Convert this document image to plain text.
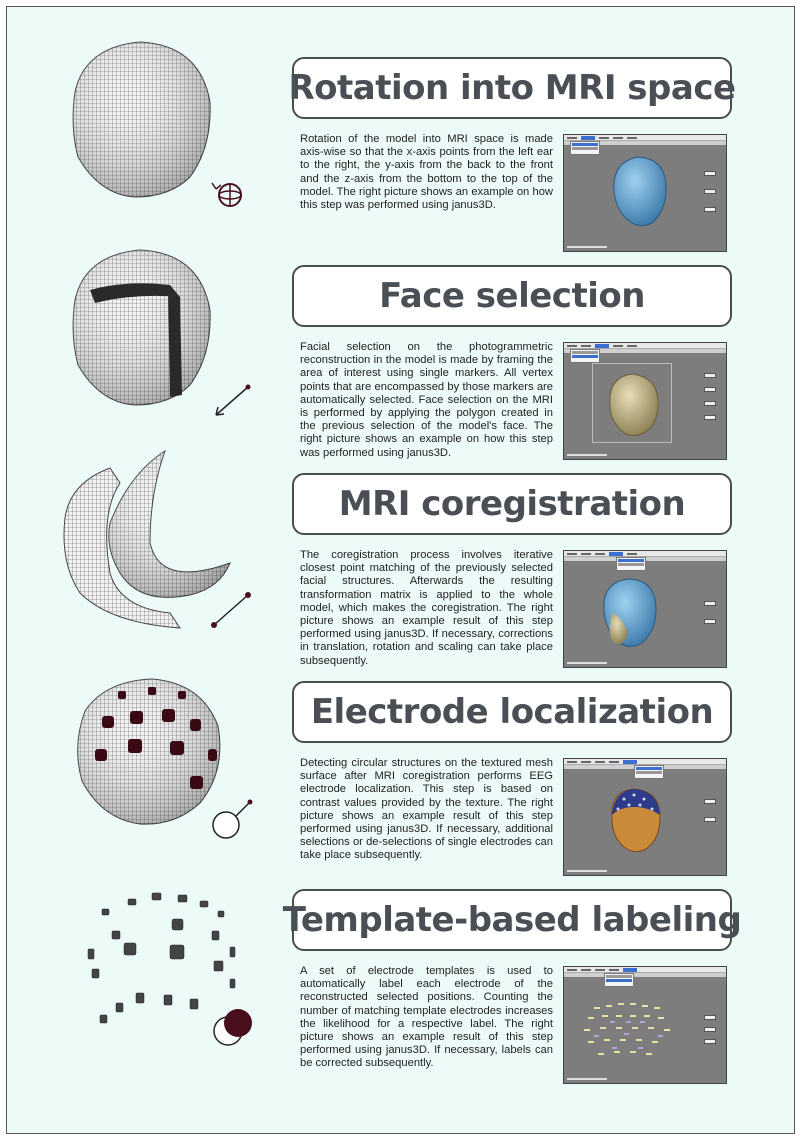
Rotation into MRI space

Rotation of the model into MRI space is made axis-wise so that the x-axis points from the left ear to the right, the y-axis from the back to the front and the z-axis from the bottom to the top of the model. The right picture shows an example on how this step was performed using janus3D.

Face selection

Facial selection on the photogrammetric reconstruction in the model is made by framing the area of interest using single markers. All vertex points that are encompassed by those markers are automatically selected. Face selection on the MRI is performed by applying the polygon created in the previous selection of the model's face. The right picture shows an example on how this step was performed using janus3D.

MRI coregistration

The coregistration process involves iterative closest point matching of the previously selected facial structures. Afterwards the resulting transformation matrix is applied to the whole model, which makes the coregistration. The right picture shows an example result of this step performed using janus3D. If necessary, corrections in translation, rotation and scaling can take place subsequently.

Electrode localization

Detecting circular structures on the textured mesh surface after MRI coregistration performs EEG electrode localization. This step is based on contrast values provided by the texture. The right picture shows an example result of this step performed using janus3D. If necessary, additional selections or de-selections of single electrodes can take place subsequently.

Template-based labeling

A set of electrode templates is used to automatically label each electrode of the reconstructed selected positions. Counting the number of matching template electrodes increases the likelihood for a respective label. The right picture shows an example result of this step performed using janus3D. If necessary, labels can be corrected subsequently.
